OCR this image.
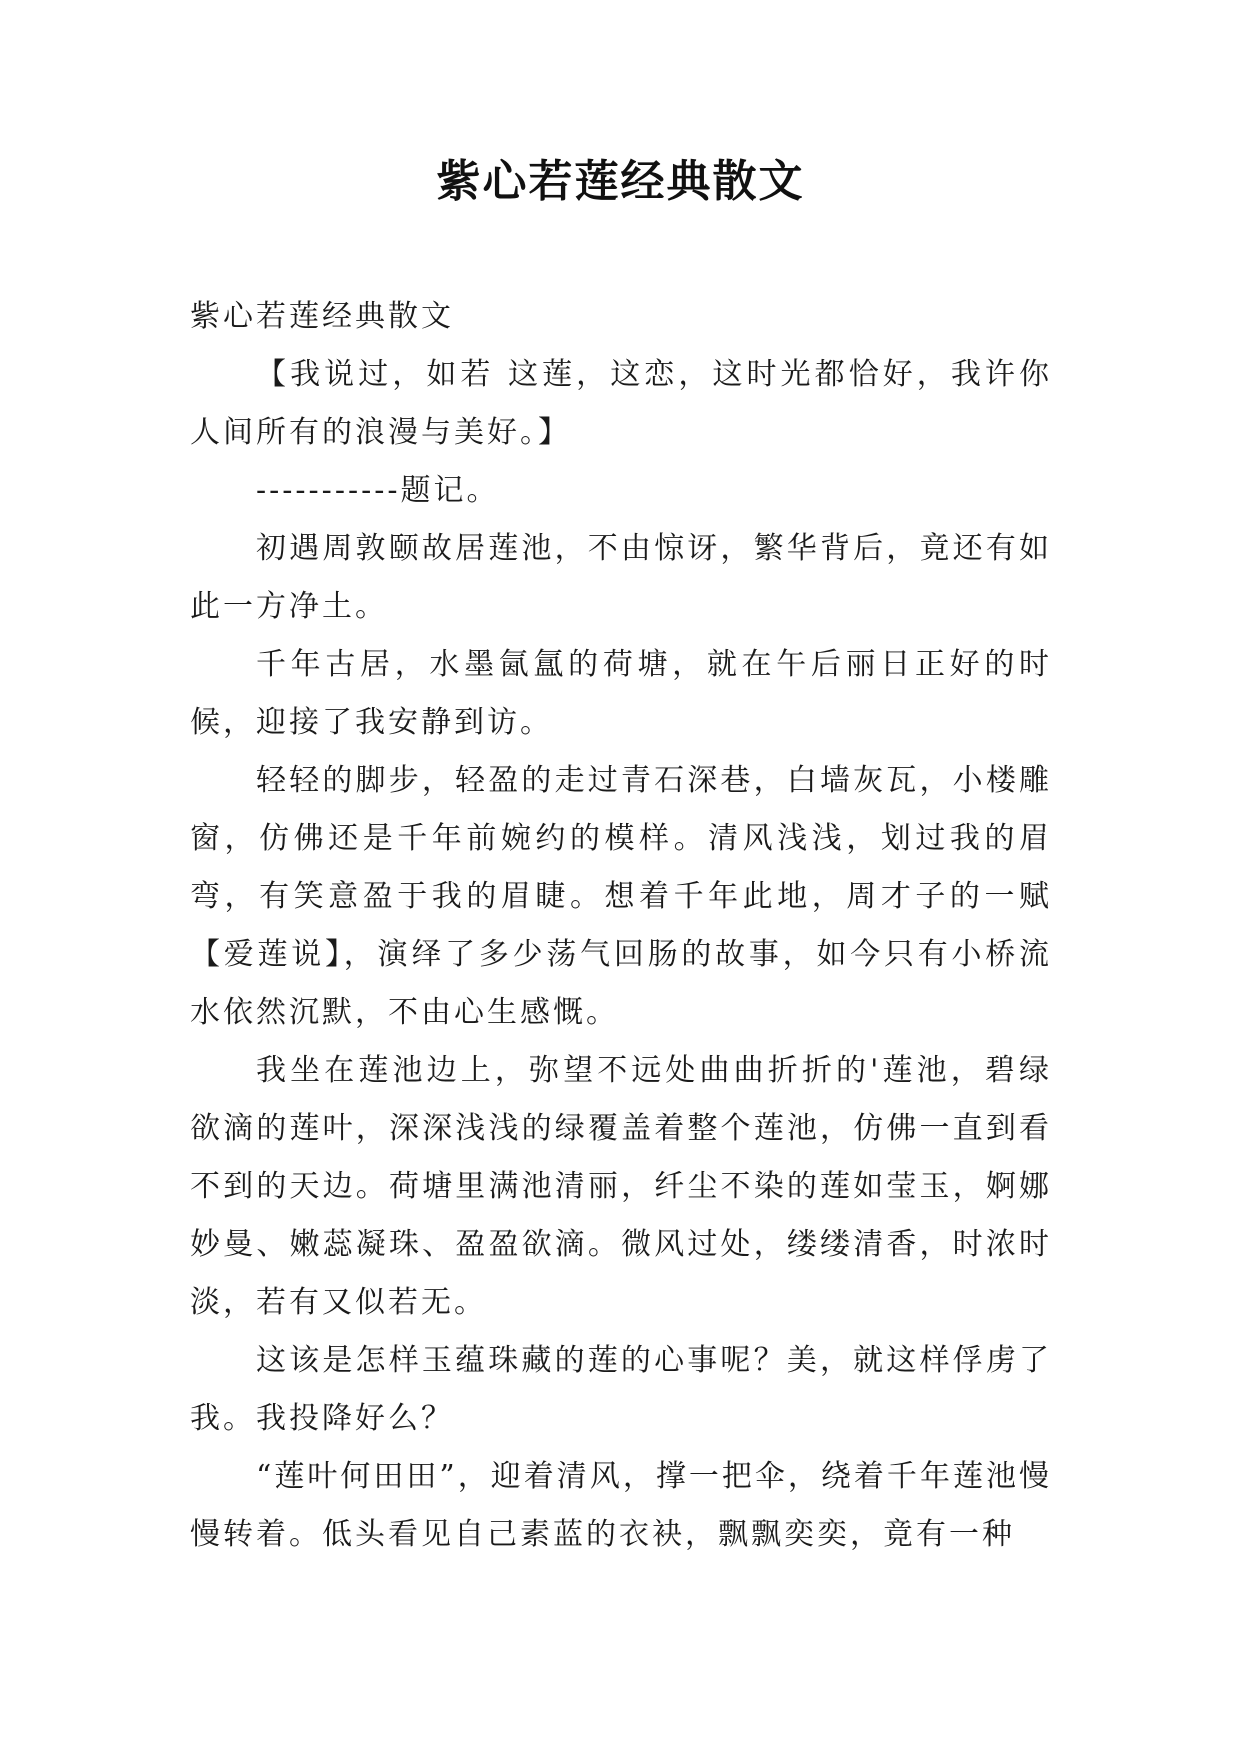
紫心若莲经典散文

紫心若莲经典散文

【我说过，如若 这莲，这恋，这时光都恰好，我许你人间所有的浪漫与美好。】

-----------题记。

初遇周敦颐故居莲池，不由惊讶，繁华背后，竟还有如此一方净土。

千年古居，水墨氤氲的荷塘，就在午后丽日正好的时候，迎接了我安静到访。

轻轻的脚步，轻盈的走过青石深巷，白墙灰瓦，小楼雕窗，仿佛还是千年前婉约的模样。清风浅浅，划过我的眉弯，有笑意盈于我的眉睫。想着千年此地，周才子的一赋【爱莲说】，演绎了多少荡气回肠的故事，如今只有小桥流水依然沉默，不由心生感慨。

我坐在莲池边上，弥望不远处曲曲折折的'莲池，碧绿欲滴的莲叶，深深浅浅的绿覆盖着整个莲池，仿佛一直到看不到的天边。荷塘里满池清丽，纤尘不染的莲如莹玉，婀娜妙曼、嫩蕊凝珠、盈盈欲滴。微风过处，缕缕清香，时浓时淡，若有又似若无。

这该是怎样玉蕴珠藏的莲的心事呢？美，就这样俘虏了我。我投降好么？

“莲叶何田田”，迎着清风，撑一把伞，绕着千年莲池慢慢转着。低头看见自己素蓝的衣袂，飘飘奕奕，竟有一种
